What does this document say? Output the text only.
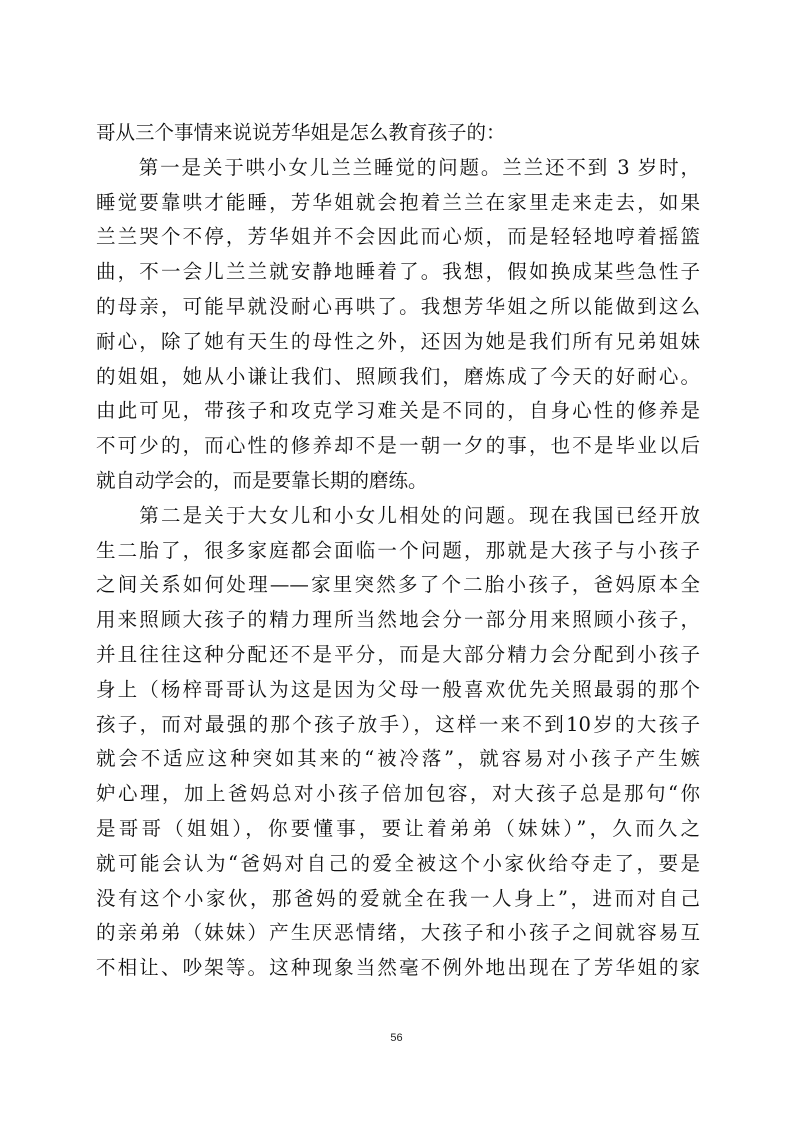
哥从三个事情来说说芳华姐是怎么教育孩子的：
　　第一是关于哄小女儿兰兰睡觉的问题。兰兰还不到 3 岁时，
睡觉要靠哄才能睡，芳华姐就会抱着兰兰在家里走来走去，如果
兰兰哭个不停，芳华姐并不会因此而心烦，而是轻轻地哼着摇篮
曲，不一会儿兰兰就安静地睡着了。我想，假如换成某些急性子
的母亲，可能早就没耐心再哄了。我想芳华姐之所以能做到这么
耐心，除了她有天生的母性之外，还因为她是我们所有兄弟姐妹
的姐姐，她从小谦让我们、照顾我们，磨炼成了今天的好耐心。
由此可见，带孩子和攻克学习难关是不同的，自身心性的修养是
不可少的，而心性的修养却不是一朝一夕的事，也不是毕业以后
就自动学会的，而是要靠长期的磨练。
　　第二是关于大女儿和小女儿相处的问题。现在我国已经开放
生二胎了，很多家庭都会面临一个问题，那就是大孩子与小孩子
之间关系如何处理——家里突然多了个二胎小孩子，爸妈原本全
用来照顾大孩子的精力理所当然地会分一部分用来照顾小孩子，
并且往往这种分配还不是平分，而是大部分精力会分配到小孩子
身上（杨梓哥哥认为这是因为父母一般喜欢优先关照最弱的那个
孩子，而对最强的那个孩子放手），这样一来不到10岁的大孩子
就会不适应这种突如其来的“被冷落”，就容易对小孩子产生嫉
妒心理，加上爸妈总对小孩子倍加包容，对大孩子总是那句“你
是哥哥（姐姐），你要懂事，要让着弟弟（妹妹）”，久而久之
就可能会认为“爸妈对自己的爱全被这个小家伙给夺走了，要是
没有这个小家伙，那爸妈的爱就全在我一人身上”，进而对自己
的亲弟弟（妹妹）产生厌恶情绪，大孩子和小孩子之间就容易互
不相让、吵架等。这种现象当然毫不例外地出现在了芳华姐的家
56
